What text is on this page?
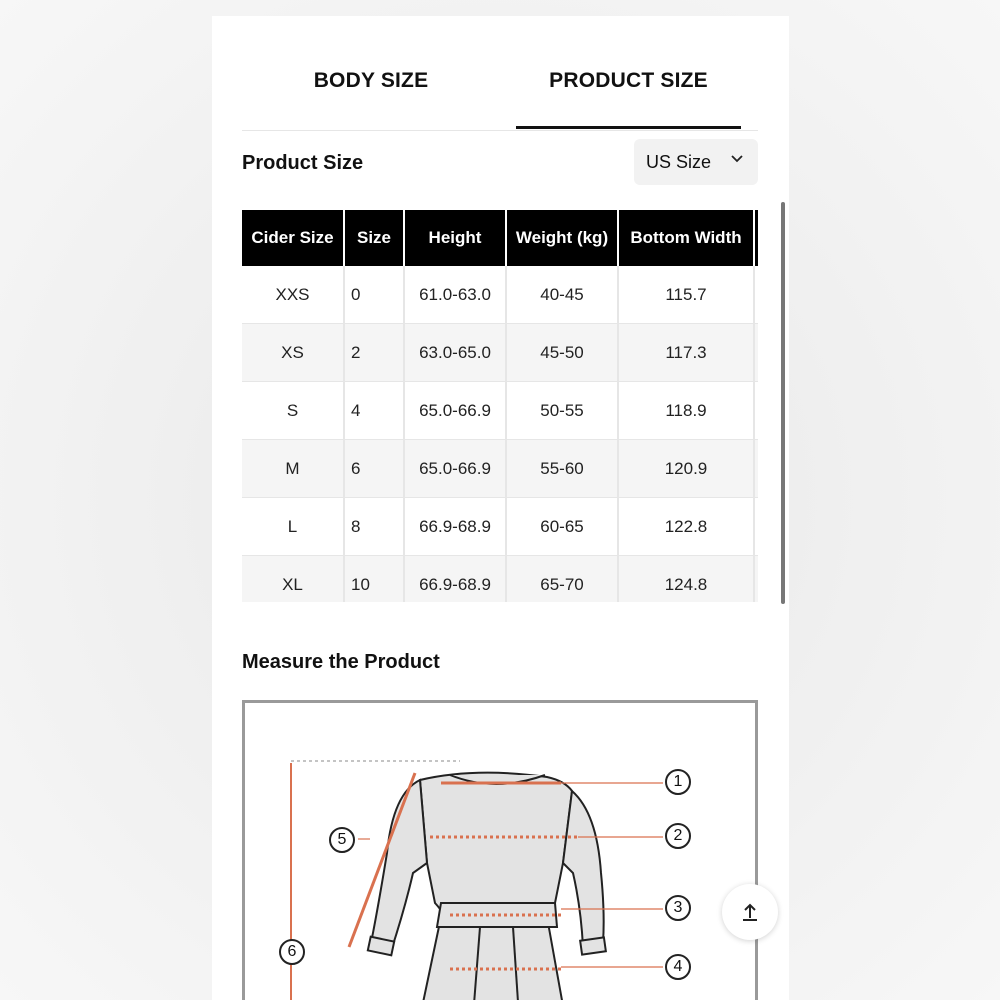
BODY SIZE	PRODUCT SIZE
Product Size	US Size
Cider Size	Size	Height	Weight (kg)	Bottom Width	
XXS	0	61.0-63.0	40-45	115.7	
XS	2	63.0-65.0	45-50	117.3	
S	4	65.0-66.9	50-55	118.9	
M	6	65.0-66.9	55-60	120.9	
L	8	66.9-68.9	60-65	122.8	
XL	10	66.9-68.9	65-70	124.8	
Measure the Product
1
2
3
4
5
6
